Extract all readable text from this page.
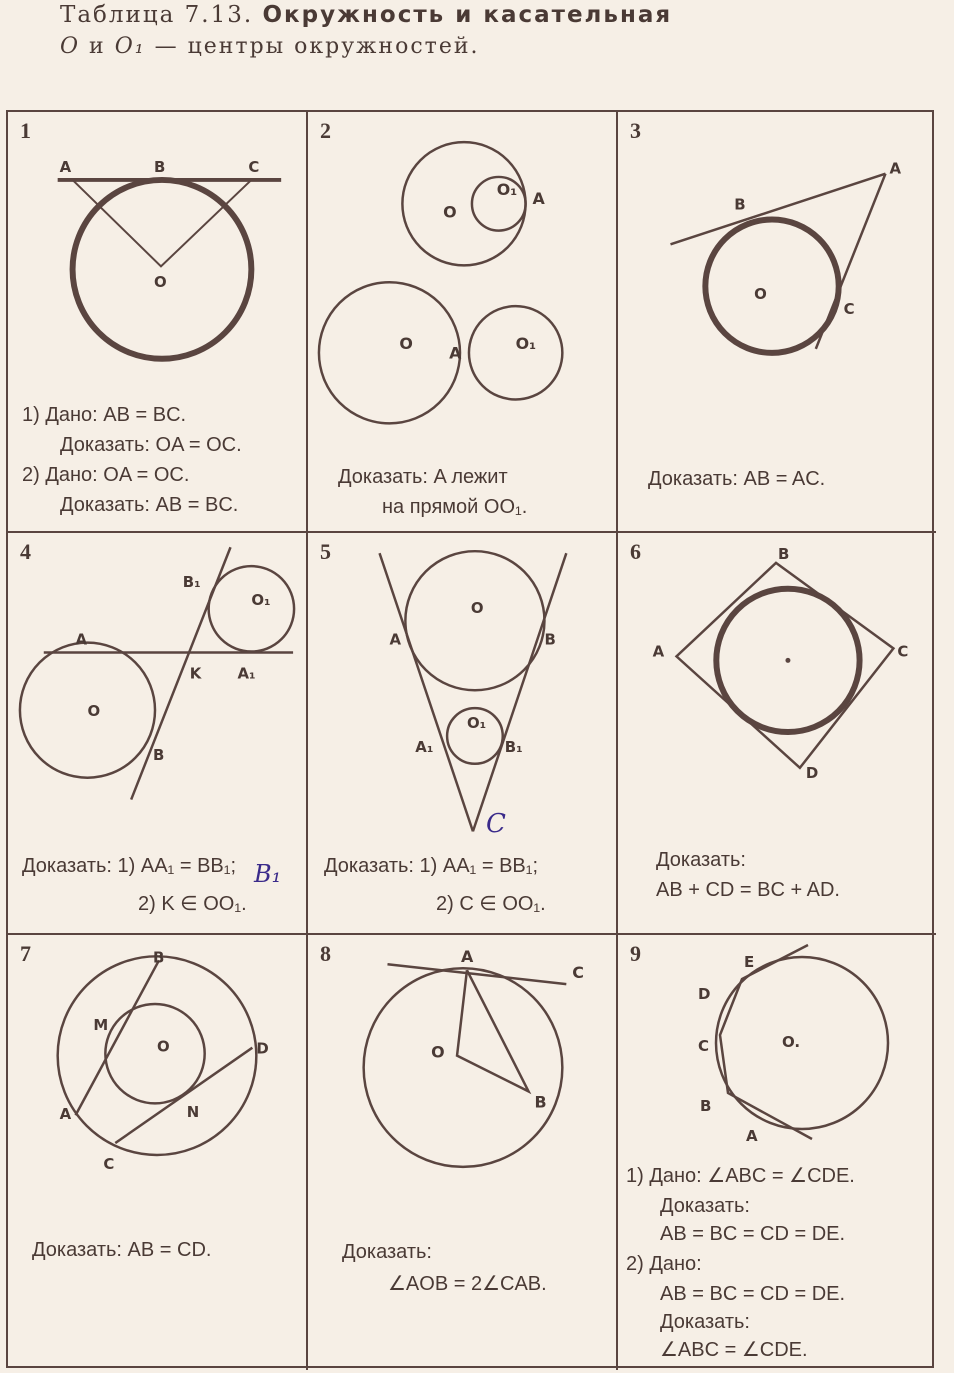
Таблица 7.13. Окружность и касательная
O и O₁ — центры окружностей.
1
A	B	C
O
1) Дано: AB = BC.
Доказать: OA = OC.
2) Дано: OA = OC.
Доказать: AB = BC.
2
O
O₁ A
O
A
O₁
Доказать: A лежит
на прямой OO₁.
3
A
B
C
O
Доказать: AB = AC.
4
A
B₁
O₁
K A₁
O
B
Доказать: 1) AA₁ = BB₁;
2) K ∈ OO₁.
B₁
5
O
A	B
O₁
A₁	B₁
C
Доказать: 1) AA₁ = BB₁;
2) C ∈ OO₁.
6	B
C
A
D
Доказать:
AB + CD = BC + AD.
7	B
M
O	D
A	N
C
Доказать: AB = CD.
8	A
C
O
B
Доказать:
∠AOB = 2∠CAB.
9	E
D
C	O.
B
A
1) Дано: ∠ABC = ∠CDE.
Доказать:
AB = BC = CD = DE.
2) Дано:
AB = BC = CD = DE.
Доказать:
∠ABC = ∠CDE.
